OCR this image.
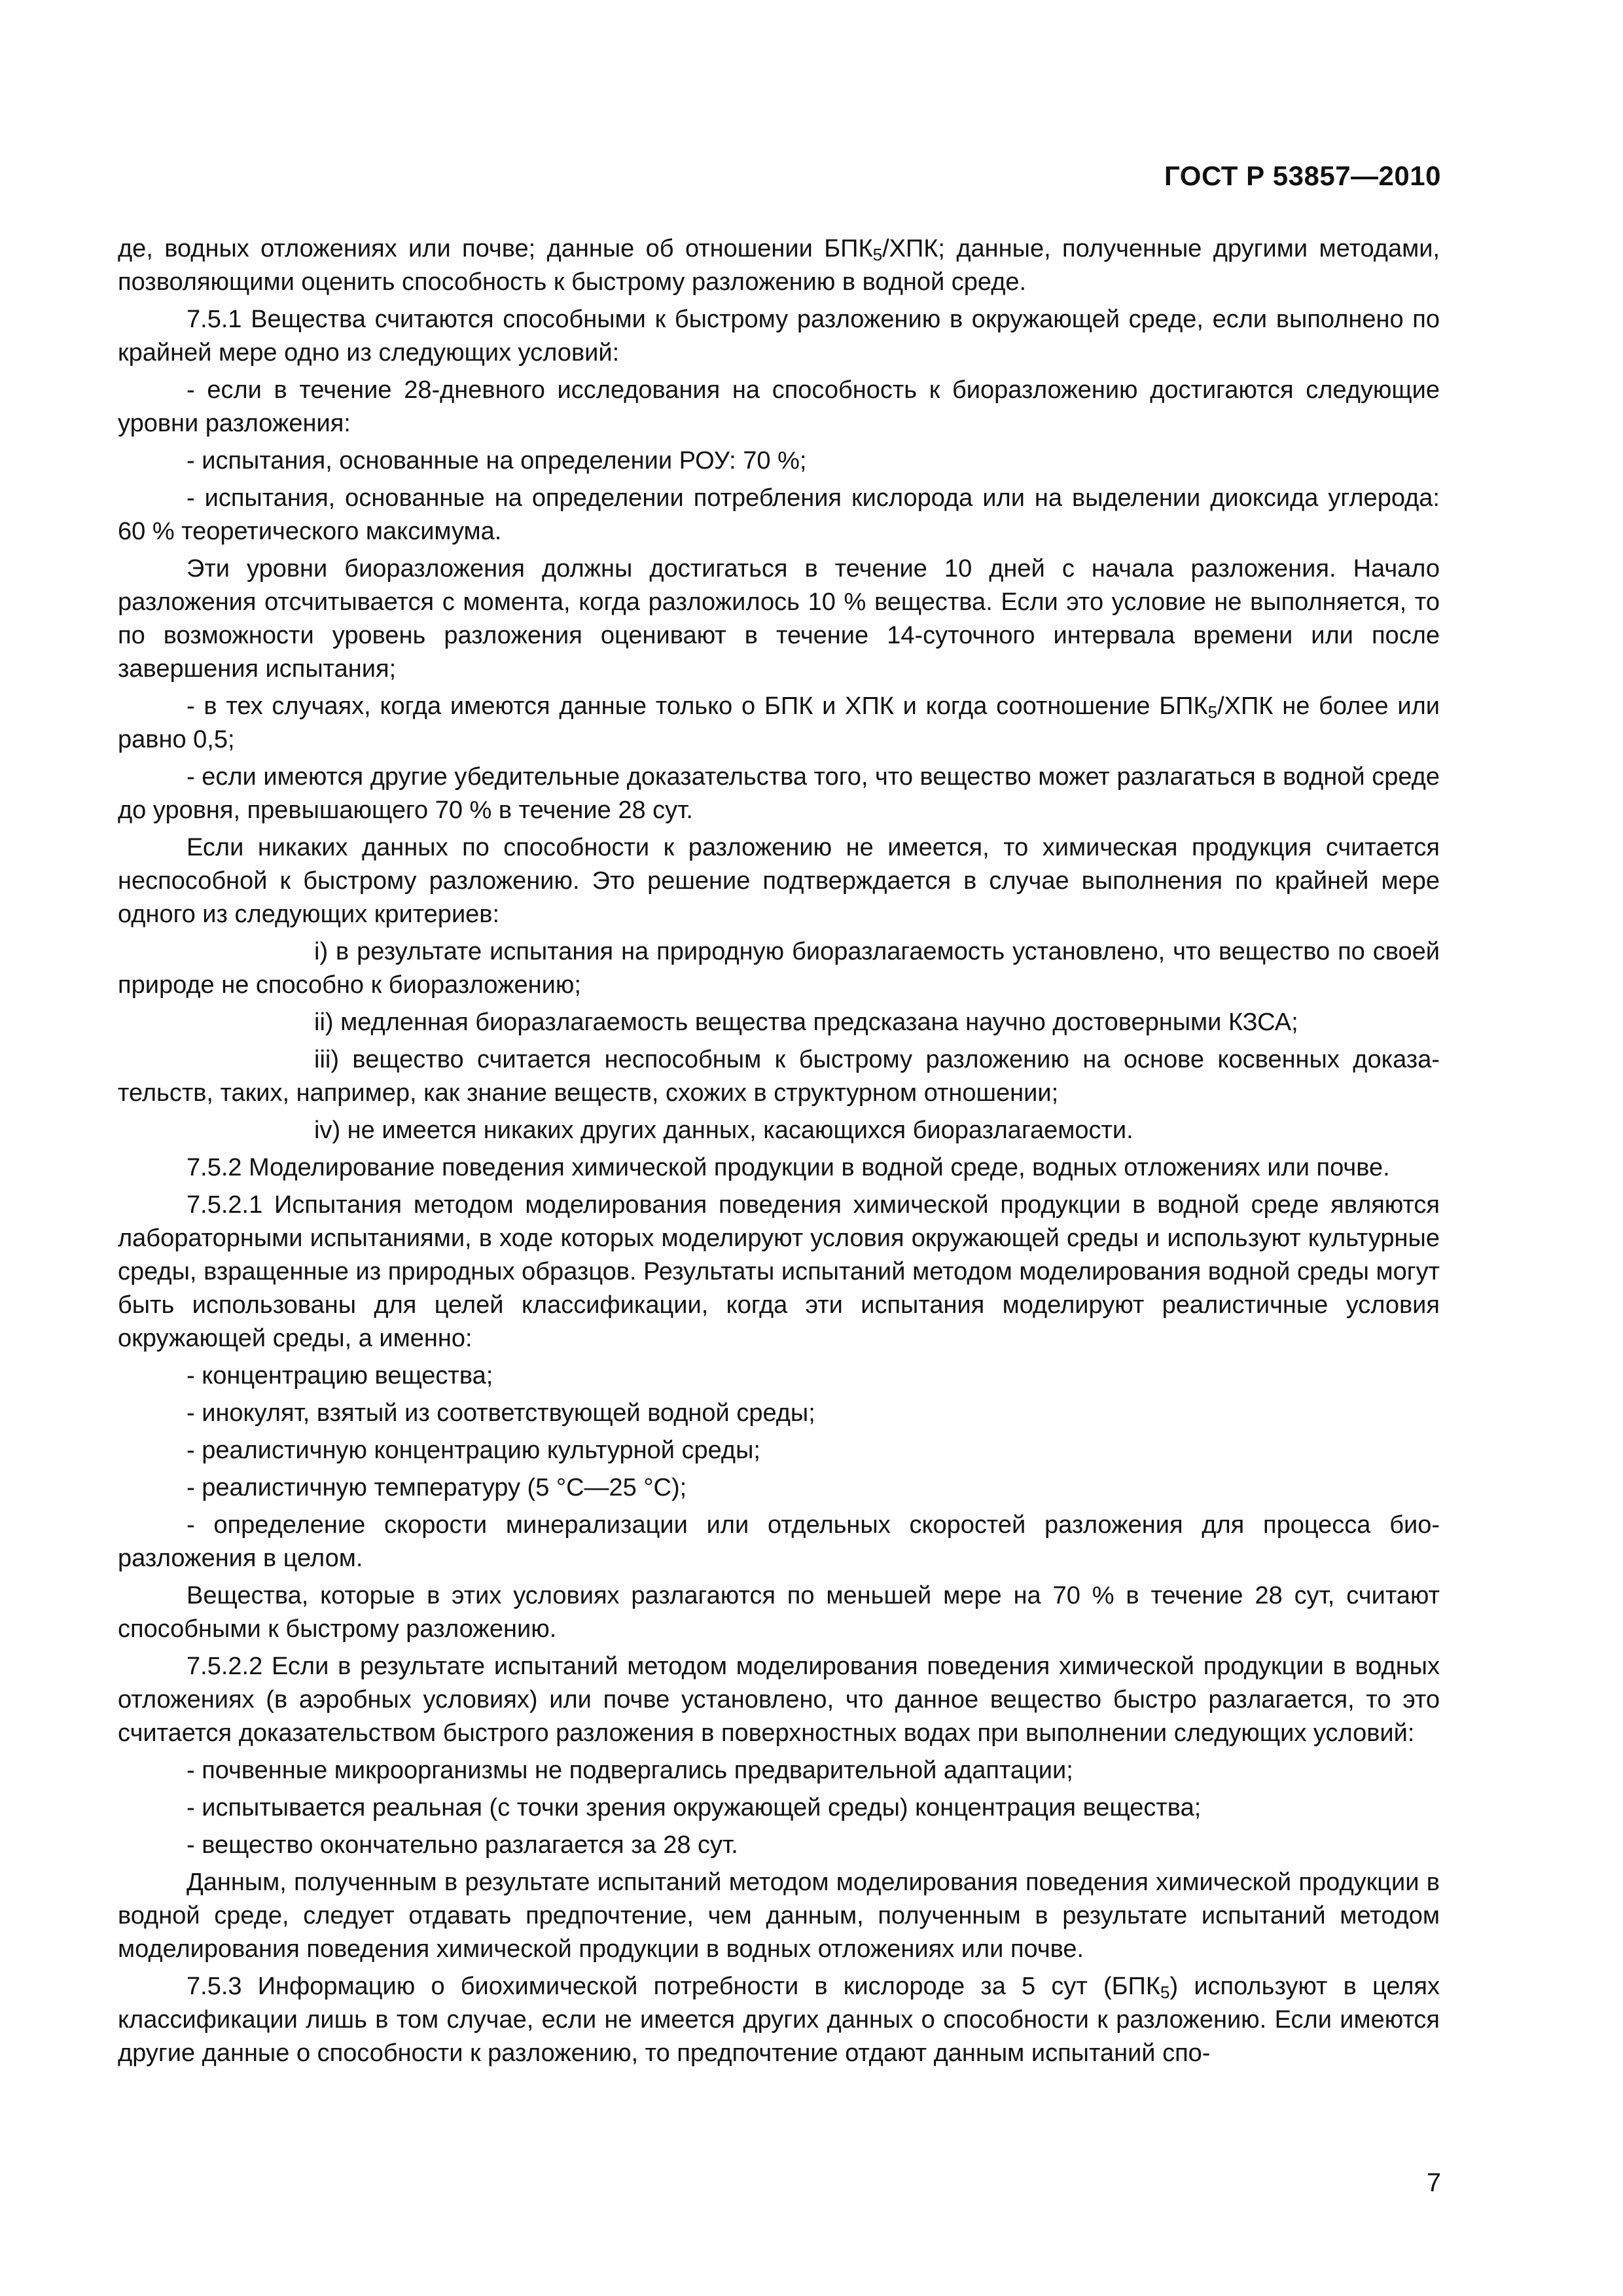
ГОСТ Р 53857—2010

де, водных отложениях или почве; данные об отношении $БПК_5$/ХПК; данные, полученные другими методами, позволяющими оценить способность к быстрому разложению в водной среде.

7.5.1 Вещества считаются способными к быстрому разложению в окружающей среде, если выполнено по крайней мере одно из следующих условий:

- если в течение 28-дневного исследования на способность к биоразложению достигаются следующие уровни разложения:

- испытания, основанные на определении РОУ: 70 %;

- испытания, основанные на определении потребления кислорода или на выделении диоксида углерода: 60 % теоретического максимума.

Эти уровни биоразложения должны достигаться в течение 10 дней с начала разложения. Начало разложения отсчитывается с момента, когда разложилось 10 % вещества. Если это условие не выполняется, то по возможности уровень разложения оценивают в течение 14-суточного интервала времени или после завершения испытания;

- в тех случаях, когда имеются данные только о БПК и ХПК и когда соотношение $БПК_5$/ХПК не более или равно 0,5;

- если имеются другие убедительные доказательства того, что вещество может разлагаться в водной среде до уровня, превышающего 70 % в течение 28 сут.

Если никаких данных по способности к разложению не имеется, то химическая продукция считается неспособной к быстрому разложению. Это решение подтверждается в случае выполнения по крайней мере одного из следующих критериев:

i) в результате испытания на природную биоразлагаемость установлено, что вещество по своей природе не способно к биоразложению;

ii) медленная биоразлагаемость вещества предсказана научно достоверными КЗСА;

iii) вещество считается неспособным к быстрому разложению на основе косвенных доказательств, таких, например, как знание веществ, схожих в структурном отношении;

iv) не имеется никаких других данных, касающихся биоразлагаемости.

7.5.2 Моделирование поведения химической продукции в водной среде, водных отложениях или почве.

7.5.2.1 Испытания методом моделирования поведения химической продукции в водной среде являются лабораторными испытаниями, в ходе которых моделируют условия окружающей среды и используют культурные среды, взращенные из природных образцов. Результаты испытаний методом моделирования водной среды могут быть использованы для целей классификации, когда эти испытания моделируют реалистичные условия окружающей среды, а именно:

- концентрацию вещества;

- инокулят, взятый из соответствующей водной среды;

- реалистичную концентрацию культурной среды;

- реалистичную температуру (5 °С—25 °С);

- определение скорости минерализации или отдельных скоростей разложения для процесса биоразложения в целом.

Вещества, которые в этих условиях разлагаются по меньшей мере на 70 % в течение 28 сут, считают способными к быстрому разложению.

7.5.2.2 Если в результате испытаний методом моделирования поведения химической продукции в водных отложениях (в аэробных условиях) или почве установлено, что данное вещество быстро разлагается, то это считается доказательством быстрого разложения в поверхностных водах при выполнении следующих условий:

- почвенные микроорганизмы не подвергались предварительной адаптации;

- испытывается реальная (с точки зрения окружающей среды) концентрация вещества;

- вещество окончательно разлагается за 28 сут.

Данным, полученным в результате испытаний методом моделирования поведения химической продукции в водной среде, следует отдавать предпочтение, чем данным, полученным в результате испытаний методом моделирования поведения химической продукции в водных отложениях или почве.

7.5.3 Информацию о биохимической потребности в кислороде за 5 сут $(БПК_5)$ используют в целях классификации лишь в том случае, если не имеется других данных о способности к разложению. Если имеются другие данные о способности к разложению, то предпочтение отдают данным испытаний спо-

7
